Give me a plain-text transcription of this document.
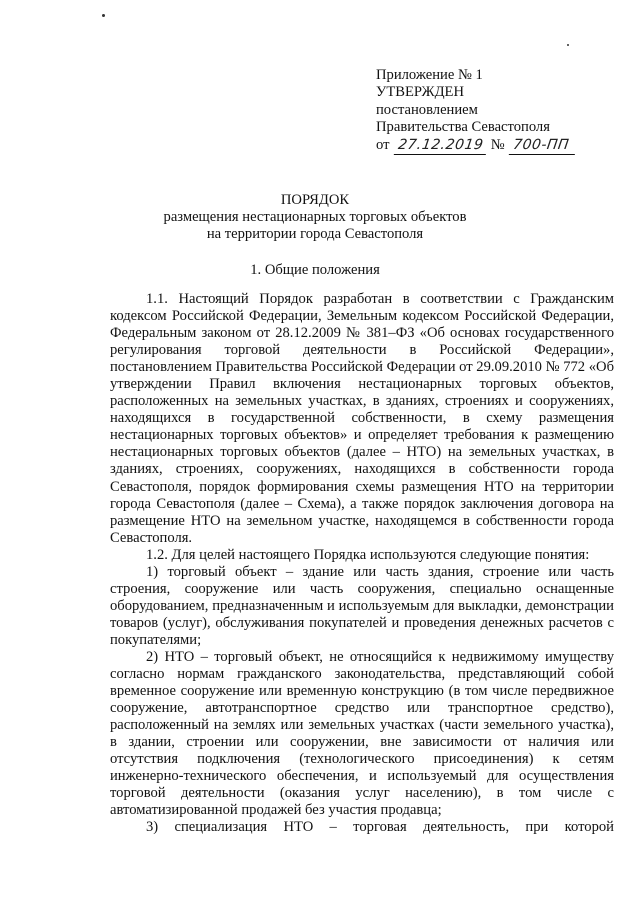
Приложение № 1
УТВЕРЖДЕН
постановлением
Правительства Севастополя
от 27.12.2019 № 700-ПП
ПОРЯДОК
размещения нестационарных торговых объектов
на территории города Севастополя
1. Общие положения

1.1. Настоящий Порядок разработан в соответствии с Гражданским кодексом Российской Федерации, Земельным кодексом Российской Федерации, Федеральным законом от 28.12.2009 № 381–ФЗ «Об основах государственного регулирования торговой деятельности в Российской Федерации», постановлением Правительства Российской Федерации от 29.09.2010 № 772 «Об утверждении Правил включения нестационарных торговых объектов, расположенных на земельных участках, в зданиях, строениях и сооружениях, находящихся в государственной собственности, в схему размещения нестационарных торговых объектов» и определяет требования к размещению нестационарных торговых объектов (далее – НТО) на земельных участках, в зданиях, строениях, сооружениях, находящихся в собственности города Севастополя, порядок формирования схемы размещения НТО на территории города Севастополя (далее – Схема), а также порядок заключения договора на размещение НТО на земельном участке, находящемся в собственности города Севастополя.

1.2. Для целей настоящего Порядка используются следующие понятия:

1) торговый объект – здание или часть здания, строение или часть строения, сооружение или часть сооружения, специально оснащенные оборудованием, предназначенным и используемым для выкладки, демонстрации товаров (услуг), обслуживания покупателей и проведения денежных расчетов с покупателями;

2) НТО – торговый объект, не относящийся к недвижимому имуществу согласно нормам гражданского законодательства, представляющий собой временное сооружение или временную конструкцию (в том числе передвижное сооружение, автотранспортное средство или транспортное средство), расположенный на землях или земельных участках (части земельного участка), в здании, строении или сооружении, вне зависимости от наличия или отсутствия подключения (технологического присоединения) к сетям инженерно-технического обеспечения, и используемый для осуществления торговой деятельности (оказания услуг населению), в том числе с автоматизированной продажей без участия продавца;

3) специализация НТО – торговая деятельность, при которой
